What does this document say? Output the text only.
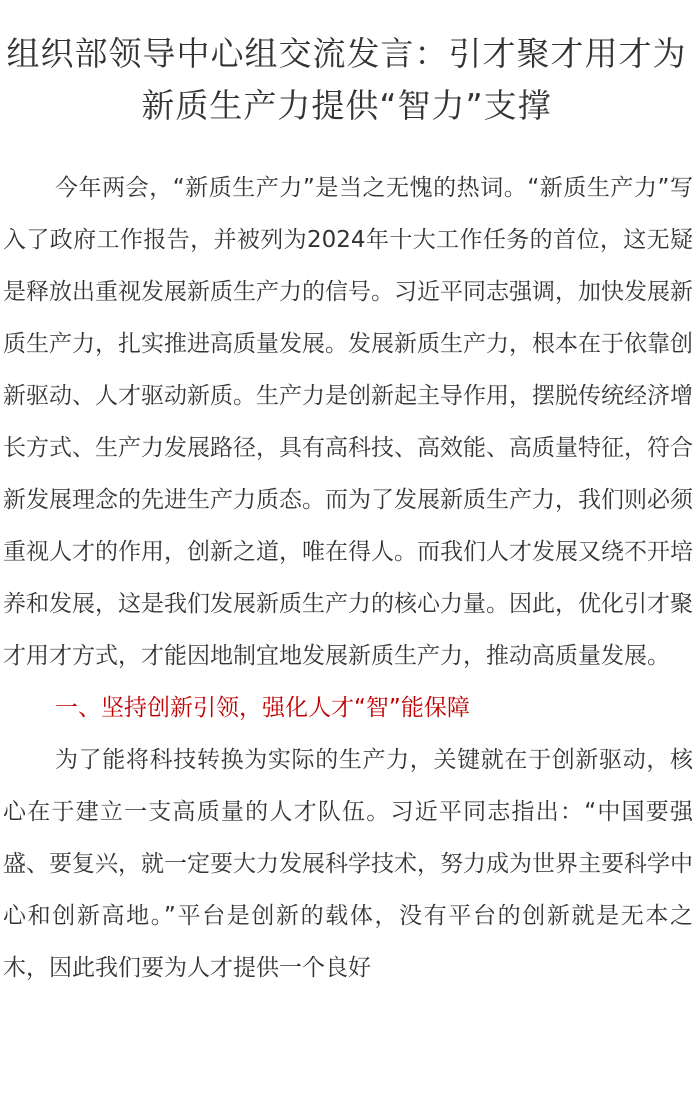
组织部领导中心组交流发言：引才聚才用才为新质生产力提供“智力”支撑

今年两会，“新质生产力”是当之无愧的热词。“新质生产力”写入了政府工作报告，并被列为2024年十大工作任务的首位，这无疑是释放出重视发展新质生产力的信号。习近平同志强调，加快发展新质生产力，扎实推进高质量发展。发展新质生产力，根本在于依靠创新驱动、人才驱动新质。生产力是创新起主导作用，摆脱传统经济增长方式、生产力发展路径，具有高科技、高效能、高质量特征，符合新发展理念的先进生产力质态。而为了发展新质生产力，我们则必须重视人才的作用，创新之道，唯在得人。而我们人才发展又绕不开培养和发展，这是我们发展新质生产力的核心力量。因此，优化引才聚才用才方式，才能因地制宜地发展新质生产力，推动高质量发展。

一、坚持创新引领，强化人才“智”能保障

为了能将科技转换为实际的生产力，关键就在于创新驱动，核心在于建立一支高质量的人才队伍。习近平同志指出：“中国要强盛、要复兴，就一定要大力发展科学技术，努力成为世界主要科学中心和创新高地。”平台是创新的载体，没有平台的创新就是无本之木，因此我们要为人才提供一个良好
